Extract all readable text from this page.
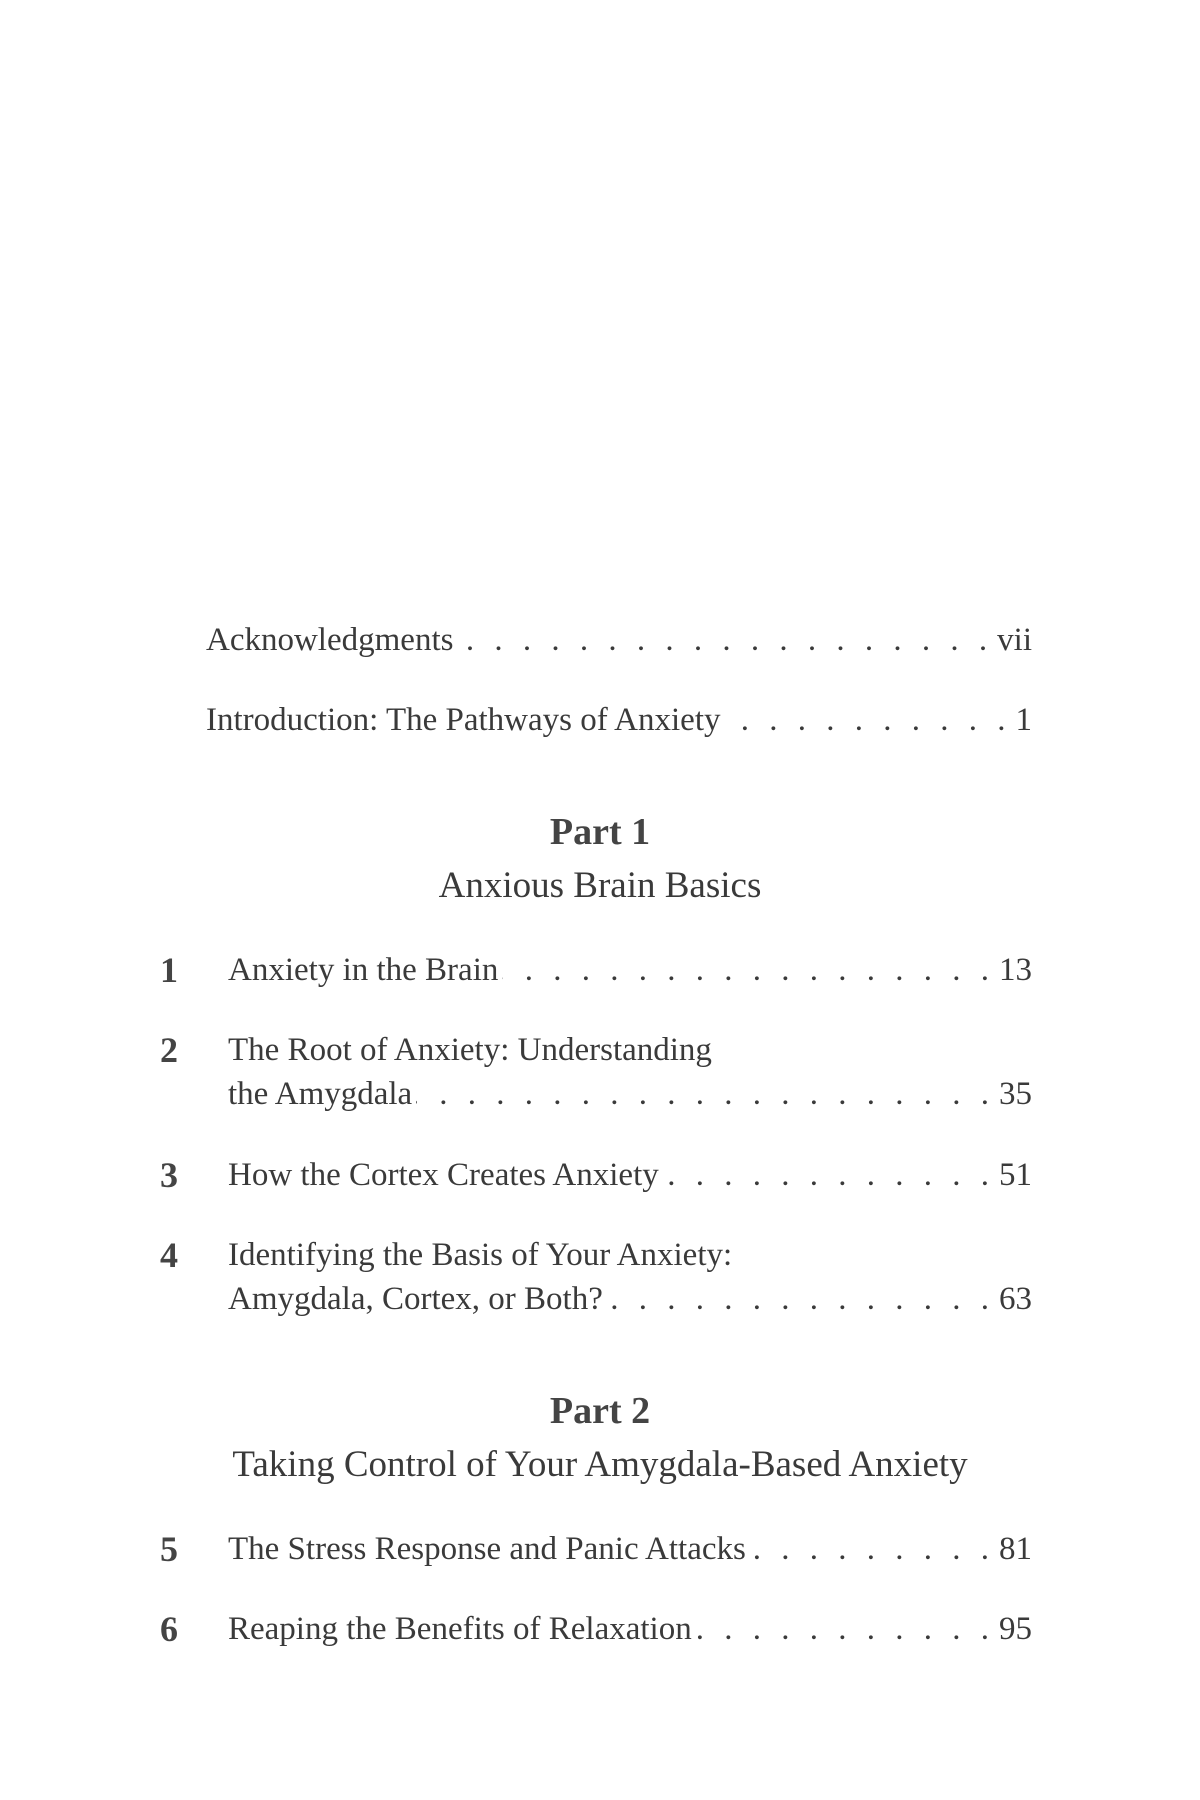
Acknowledgments . . .	vii
Introduction: The Pathways of Anxiety . . .	1
Part 1
Anxious Brain Basics
1	Anxiety in the Brain . . .	13
2	The Root of Anxiety: Understanding
the Amygdala . . .	35
3	How the Cortex Creates Anxiety . . .	51
4	Identifying the Basis of Your Anxiety:
Amygdala, Cortex, or Both? . . .	63
Part 2
Taking Control of Your Amygdala-Based Anxiety
5	The Stress Response and Panic Attacks . . .	81
6	Reaping the Benefits of Relaxation . . .	95
